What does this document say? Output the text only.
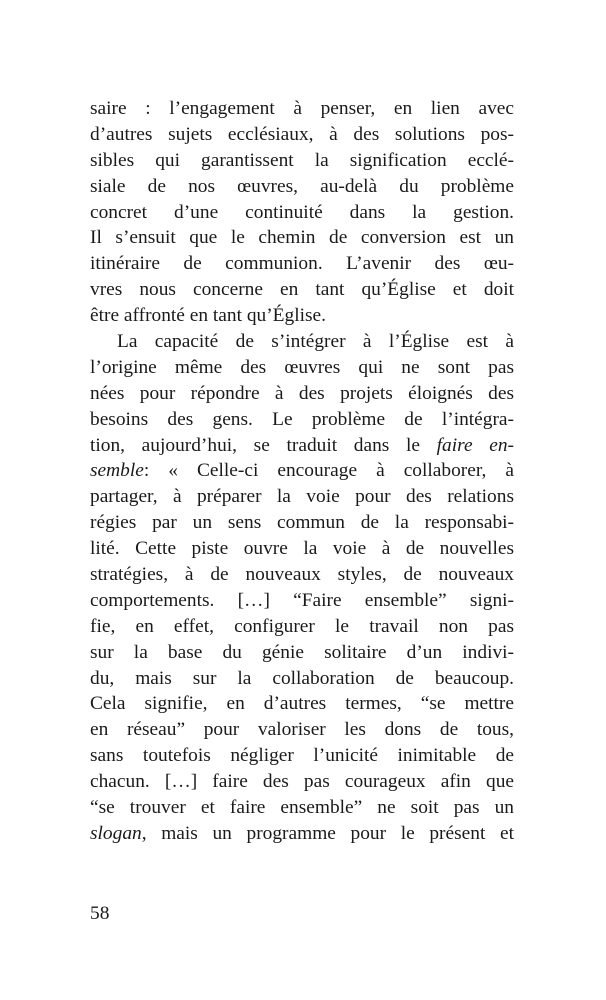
saire : l’engagement à penser, en lien avec
d’autres sujets ecclésiaux, à des solutions pos-
sibles qui garantissent la signification ecclé-
siale de nos œuvres, au-delà du problème
concret d’une continuité dans la gestion.
Il s’ensuit que le chemin de conversion est un
itinéraire de communion. L’avenir des œu-
vres nous concerne en tant qu’Église et doit
être affronté en tant qu’Église.
La capacité de s’intégrer à l’Église est à
l’origine même des œuvres qui ne sont pas
nées pour répondre à des projets éloignés des
besoins des gens. Le problème de l’intégra-
tion, aujourd’hui, se traduit dans le faire en-
semble: « Celle-ci encourage à collaborer, à
partager, à préparer la voie pour des relations
régies par un sens commun de la responsabi-
lité. Cette piste ouvre la voie à de nouvelles
stratégies, à de nouveaux styles, de nouveaux
comportements. […] “Faire ensemble” signi-
fie, en effet, configurer le travail non pas
sur la base du génie solitaire d’un indivi-
du, mais sur la collaboration de beaucoup.
Cela signifie, en d’autres termes, “se mettre
en réseau” pour valoriser les dons de tous,
sans toutefois négliger l’unicité inimitable de
chacun. […] faire des pas courageux afin que
“se trouver et faire ensemble” ne soit pas un
slogan, mais un programme pour le présent et
58
